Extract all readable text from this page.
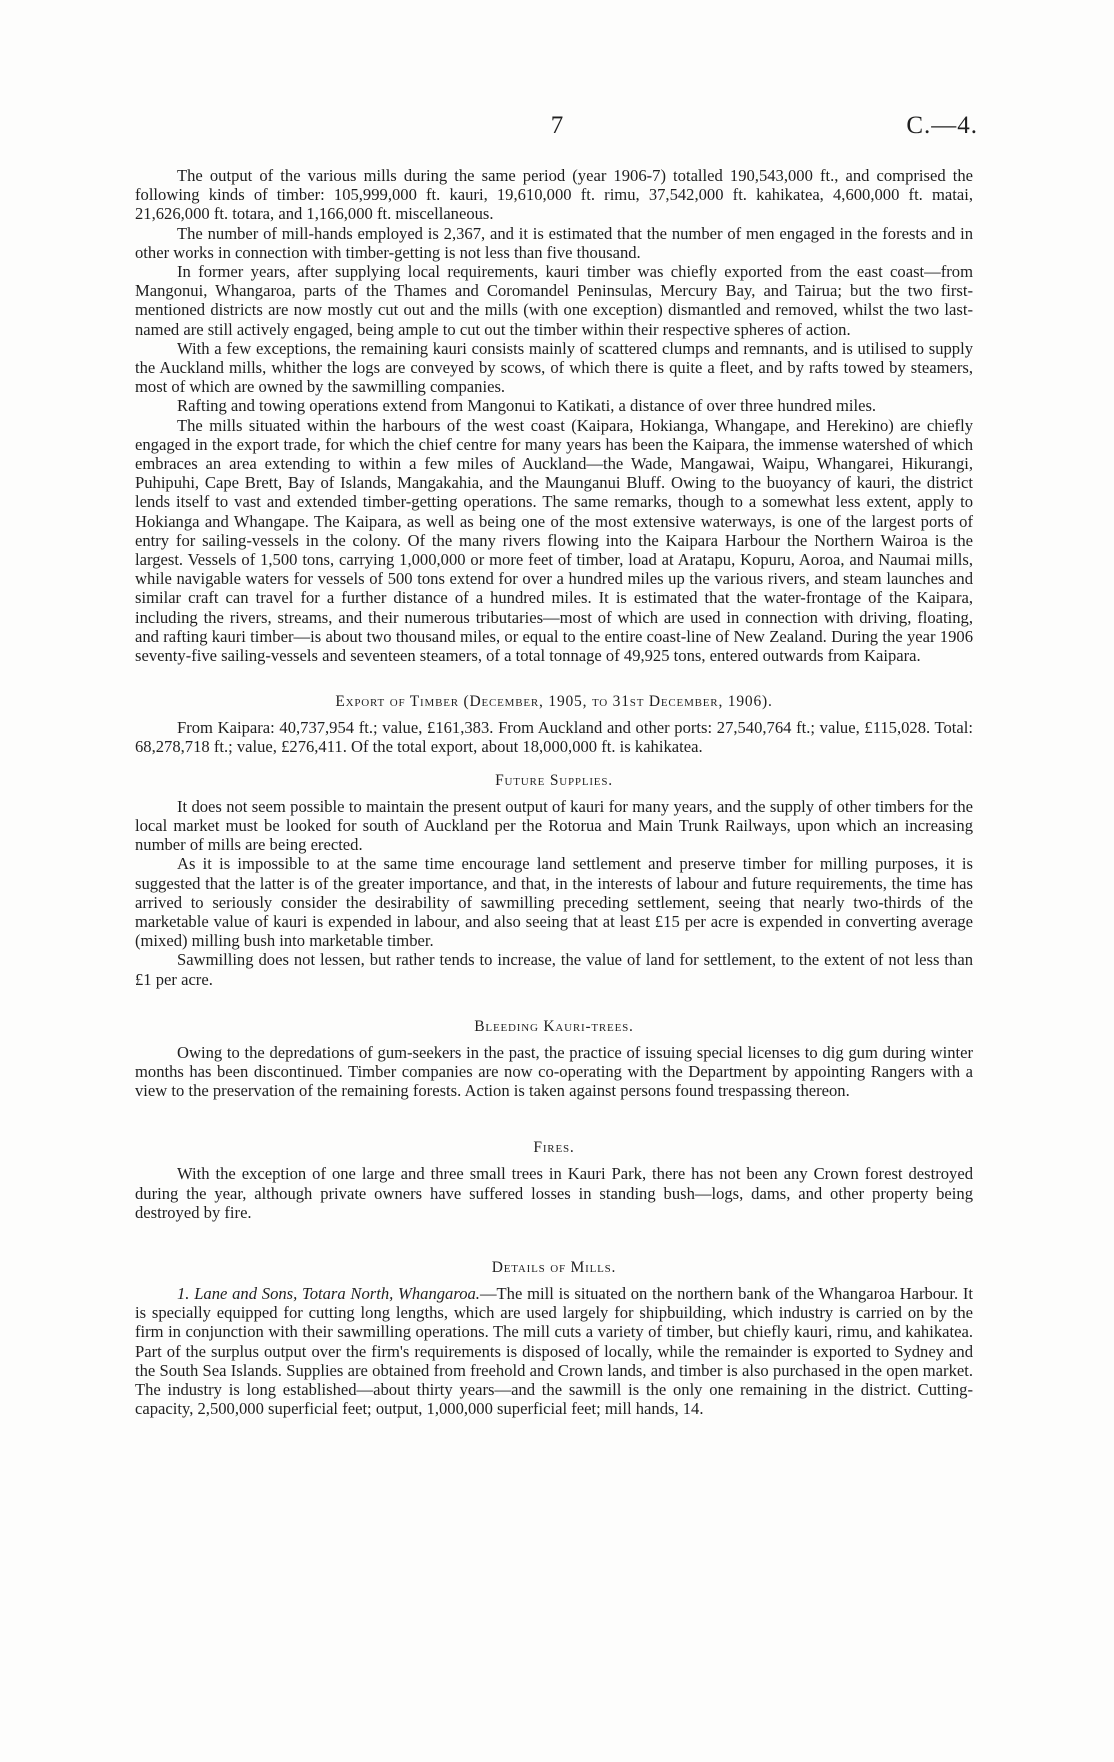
7	C.—4.

The output of the various mills during the same period (year 1906-7) totalled 190,543,000 ft., and comprised the following kinds of timber: 105,999,000 ft. kauri, 19,610,000 ft. rimu, 37,542,000 ft. kahikatea, 4,600,000 ft. matai, 21,626,000 ft. totara, and 1,166,000 ft. miscellaneous.

The number of mill-hands employed is 2,367, and it is estimated that the number of men engaged in the forests and in other works in connection with timber-getting is not less than five thousand.

In former years, after supplying local requirements, kauri timber was chiefly exported from the east coast—from Mangonui, Whangaroa, parts of the Thames and Coromandel Peninsulas, Mercury Bay, and Tairua; but the two first-mentioned districts are now mostly cut out and the mills (with one exception) dismantled and removed, whilst the two last-named are still actively engaged, being ample to cut out the timber within their respective spheres of action.

With a few exceptions, the remaining kauri consists mainly of scattered clumps and remnants, and is utilised to supply the Auckland mills, whither the logs are conveyed by scows, of which there is quite a fleet, and by rafts towed by steamers, most of which are owned by the sawmilling companies.

Rafting and towing operations extend from Mangonui to Katikati, a distance of over three hundred miles.

The mills situated within the harbours of the west coast (Kaipara, Hokianga, Whangape, and Herekino) are chiefly engaged in the export trade, for which the chief centre for many years has been the Kaipara, the immense watershed of which embraces an area extending to within a few miles of Auckland—the Wade, Mangawai, Waipu, Whangarei, Hikurangi, Puhipuhi, Cape Brett, Bay of Islands, Mangakahia, and the Maunganui Bluff. Owing to the buoyancy of kauri, the district lends itself to vast and extended timber-getting operations. The same remarks, though to a somewhat less extent, apply to Hokianga and Whangape. The Kaipara, as well as being one of the most extensive waterways, is one of the largest ports of entry for sailing-vessels in the colony. Of the many rivers flowing into the Kaipara Harbour the Northern Wairoa is the largest. Vessels of 1,500 tons, carrying 1,000,000 or more feet of timber, load at Aratapu, Kopuru, Aoroa, and Naumai mills, while navigable waters for vessels of 500 tons extend for over a hundred miles up the various rivers, and steam launches and similar craft can travel for a further distance of a hundred miles. It is estimated that the water-frontage of the Kaipara, including the rivers, streams, and their numerous tributaries—most of which are used in connection with driving, floating, and rafting kauri timber—is about two thousand miles, or equal to the entire coast-line of New Zealand. During the year 1906 seventy-five sailing-vessels and seventeen steamers, of a total tonnage of 49,925 tons, entered outwards from Kaipara.

Export of Timber (December, 1905, to 31st December, 1906).

From Kaipara: 40,737,954 ft.; value, £161,383. From Auckland and other ports: 27,540,764 ft.; value, £115,028. Total: 68,278,718 ft.; value, £276,411. Of the total export, about 18,000,000 ft. is kahikatea.

Future Supplies.

It does not seem possible to maintain the present output of kauri for many years, and the supply of other timbers for the local market must be looked for south of Auckland per the Rotorua and Main Trunk Railways, upon which an increasing number of mills are being erected.

As it is impossible to at the same time encourage land settlement and preserve timber for milling purposes, it is suggested that the latter is of the greater importance, and that, in the interests of labour and future requirements, the time has arrived to seriously consider the desirability of sawmilling preceding settlement, seeing that nearly two-thirds of the marketable value of kauri is expended in labour, and also seeing that at least £15 per acre is expended in converting average (mixed) milling bush into marketable timber.

Sawmilling does not lessen, but rather tends to increase, the value of land for settlement, to the extent of not less than £1 per acre.

Bleeding Kauri-trees.

Owing to the depredations of gum-seekers in the past, the practice of issuing special licenses to dig gum during winter months has been discontinued. Timber companies are now co-operating with the Department by appointing Rangers with a view to the preservation of the remaining forests. Action is taken against persons found trespassing thereon.

Fires.

With the exception of one large and three small trees in Kauri Park, there has not been any Crown forest destroyed during the year, although private owners have suffered losses in standing bush—logs, dams, and other property being destroyed by fire.

Details of Mills.

1. Lane and Sons, Totara North, Whangaroa.—The mill is situated on the northern bank of the Whangaroa Harbour. It is specially equipped for cutting long lengths, which are used largely for shipbuilding, which industry is carried on by the firm in conjunction with their sawmilling operations. The mill cuts a variety of timber, but chiefly kauri, rimu, and kahikatea. Part of the surplus output over the firm's requirements is disposed of locally, while the remainder is exported to Sydney and the South Sea Islands. Supplies are obtained from freehold and Crown lands, and timber is also purchased in the open market. The industry is long established—about thirty years—and the sawmill is the only one remaining in the district. Cutting-capacity, 2,500,000 superficial feet; output, 1,000,000 superficial feet; mill hands, 14.
